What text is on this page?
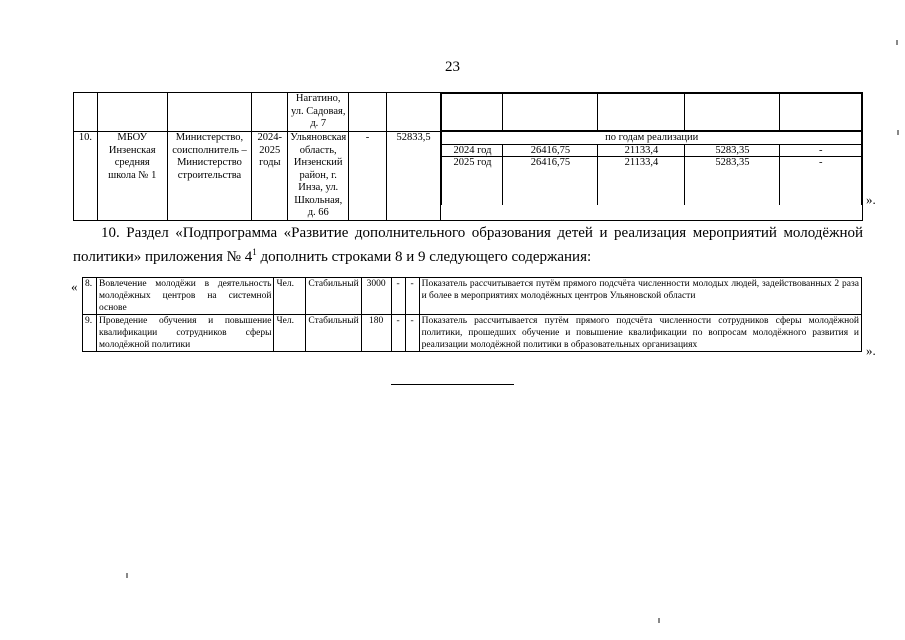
23
				Нагатино, ул. Садовая, д. 7			

10.	МБОУ Инзенская средняя школа № 1	Министерство, соисполнитель – Министерство строительства	2024-2025 годы	Ульяновская область, Инзенский район, г. Инза, ул. Школьная, д. 66	-	52833,5		по годам реализации
2024 год	26416,75	21133,4	5283,35	-
2025 год	26416,75	21133,4	5283,35	-
».
10. Раздел «Подпрограмма «Развитие дополнительного образования детей и реализация мероприятий молодёжной политики» приложения № $4^1$ дополнить строками 8 и 9 следующего содержания:
« 8.	Вовлечение молодёжи в деятельность молодёжных центров на системной основе	Чел.	Стабильный	3000	-	-	Показатель рассчитывается путём прямого подсчёта численности молодых людей, задействованных 2 раза и более в мероприятиях молодёжных центров Ульяновской области
9.	Проведение обучения и повышение квалификации сотрудников сферы молодёжной политики	Чел.	Стабильный	180	-	-	Показатель рассчитывается путём прямого подсчёта численности сотрудников сферы молодёжной политики, прошедших обучение и повышение квалификации по вопросам молодёжного развития и реализации молодёжной политики в образовательных организациях	».
